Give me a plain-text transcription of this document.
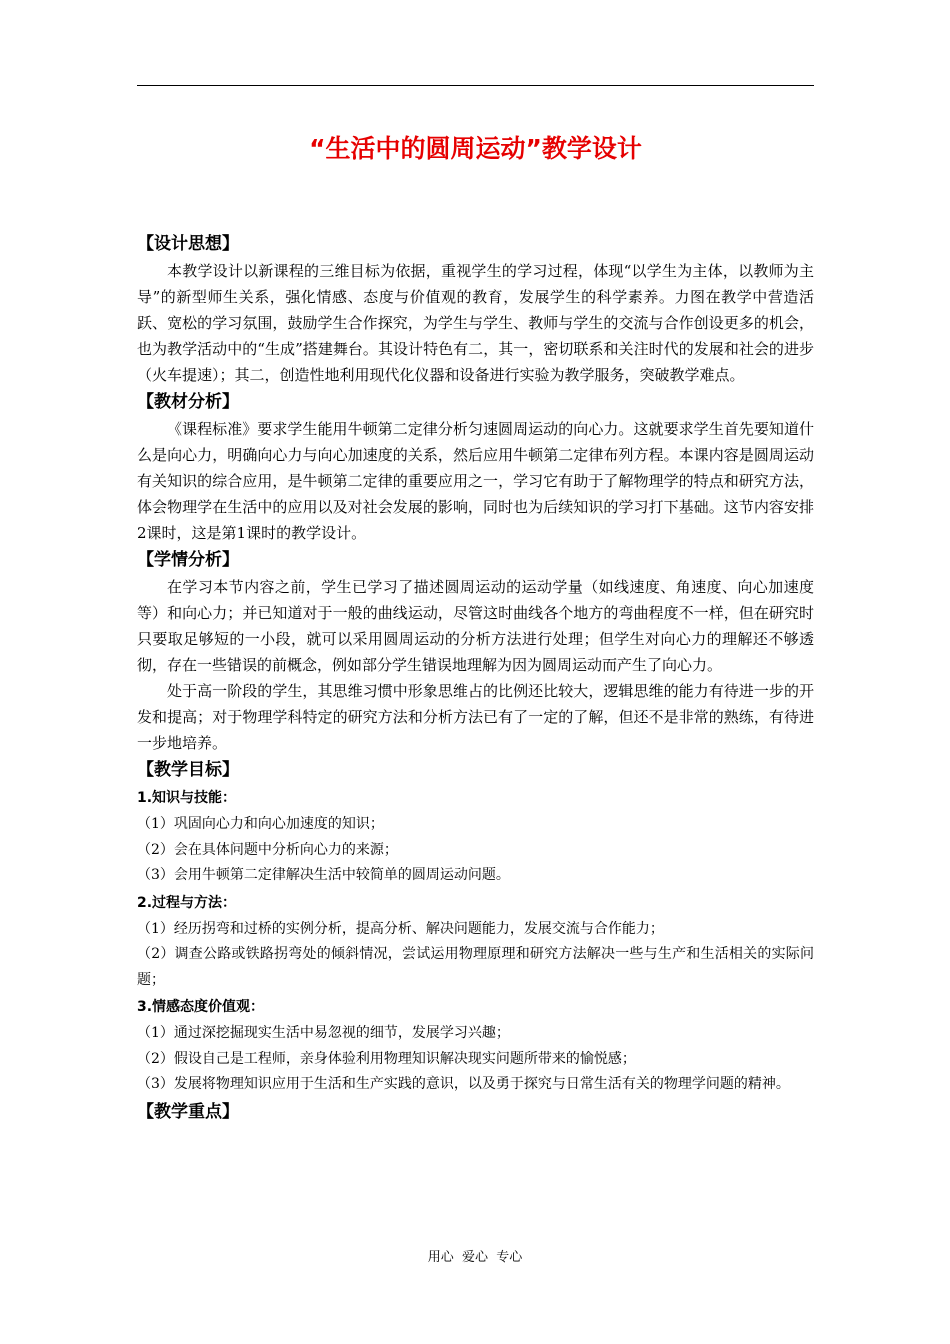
“生活中的圆周运动”教学设计

【设计思想】

本教学设计以新课程的三维目标为依据，重视学生的学习过程，体现“以学生为主体，以教师为主导”的新型师生关系，强化情感、态度与价值观的教育，发展学生的科学素养。力图在教学中营造活跃、宽松的学习氛围，鼓励学生合作探究，为学生与学生、教师与学生的交流与合作创设更多的机会，也为教学活动中的“生成”搭建舞台。其设计特色有二，其一，密切联系和关注时代的发展和社会的进步（火车提速）；其二，创造性地利用现代化仪器和设备进行实验为教学服务，突破教学难点。

【教材分析】

《课程标准》要求学生能用牛顿第二定律分析匀速圆周运动的向心力。这就要求学生首先要知道什么是向心力，明确向心力与向心加速度的关系，然后应用牛顿第二定律布列方程。本课内容是圆周运动有关知识的综合应用，是牛顿第二定律的重要应用之一，学习它有助于了解物理学的特点和研究方法，体会物理学在生活中的应用以及对社会发展的影响，同时也为后续知识的学习打下基础。这节内容安排2课时，这是第1课时的教学设计。

【学情分析】

在学习本节内容之前，学生已学习了描述圆周运动的运动学量（如线速度、角速度、向心加速度等）和向心力；并已知道对于一般的曲线运动，尽管这时曲线各个地方的弯曲程度不一样，但在研究时只要取足够短的一小段，就可以采用圆周运动的分析方法进行处理；但学生对向心力的理解还不够透彻，存在一些错误的前概念，例如部分学生错误地理解为因为圆周运动而产生了向心力。

处于高一阶段的学生，其思维习惯中形象思维占的比例还比较大，逻辑思维的能力有待进一步的开发和提高；对于物理学科特定的研究方法和分析方法已有了一定的了解，但还不是非常的熟练，有待进一步地培养。

【教学目标】

1.知识与技能：

（1）巩固向心力和向心加速度的知识；

（2）会在具体问题中分析向心力的来源；

（3）会用牛顿第二定律解决生活中较简单的圆周运动问题。

2.过程与方法：

（1）经历拐弯和过桥的实例分析，提高分析、解决问题能力，发展交流与合作能力；

（2）调查公路或铁路拐弯处的倾斜情况，尝试运用物理原理和研究方法解决一些与生产和生活相关的实际问题；

3.情感态度价值观：

（1）通过深挖掘现实生活中易忽视的细节，发展学习兴趣；

（2）假设自己是工程师，亲身体验利用物理知识解决现实问题所带来的愉悦感；

（3）发展将物理知识应用于生活和生产实践的意识，以及勇于探究与日常生活有关的物理学问题的精神。

【教学重点】

用心  爱心  专心
